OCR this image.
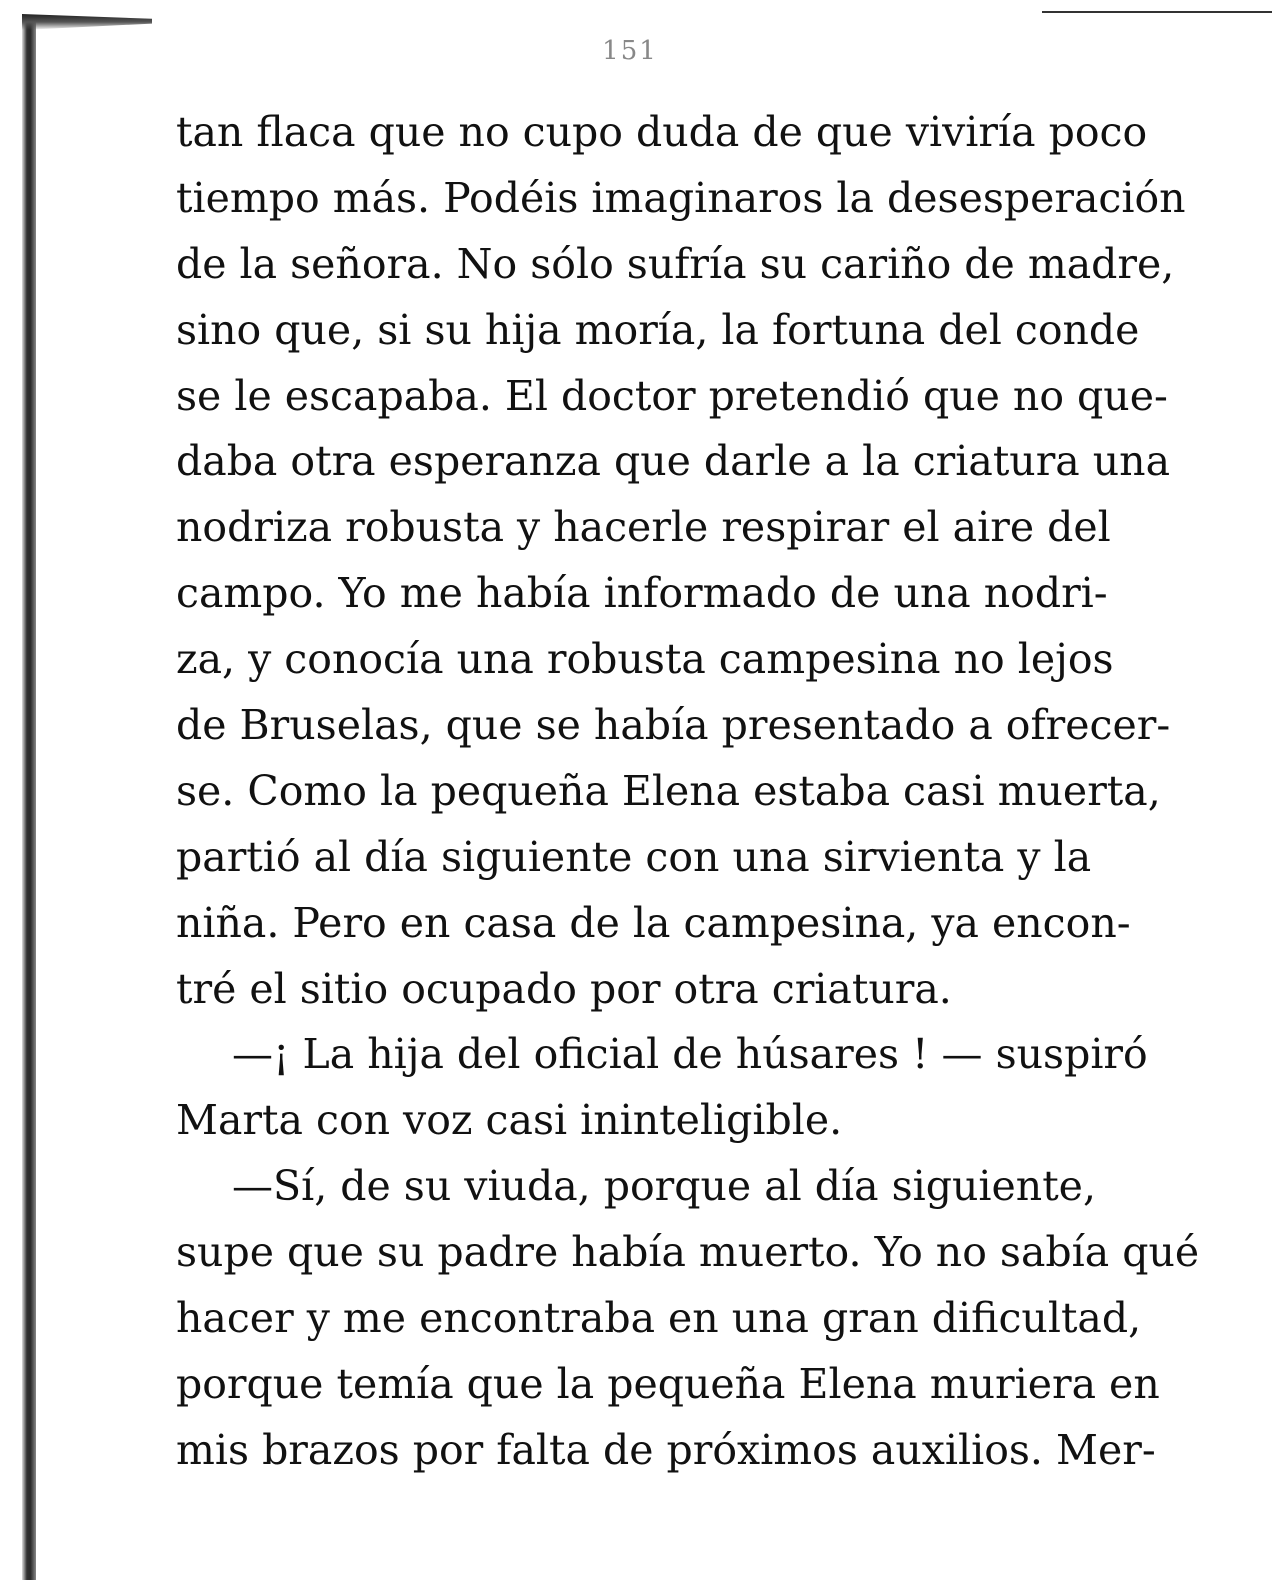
151
tan flaca que no cupo duda de que viviría poco
tiempo más. Podéis imaginaros la desesperación
de la señora. No sólo sufría su cariño de madre,
sino que, si su hija moría, la fortuna del conde
se le escapaba. El doctor pretendió que no que-
daba otra esperanza que darle a la criatura una
nodriza robusta y hacerle respirar el aire del
campo. Yo me había informado de una nodri-
za, y conocía una robusta campesina no lejos
de Bruselas, que se había presentado a ofrecer-
se. Como la pequeña Elena estaba casi muerta,
partió al día siguiente con una sirvienta y la
niña. Pero en casa de la campesina, ya encon-
tré el sitio ocupado por otra criatura.
—¡ La hija del oficial de húsares ! — suspiró
Marta con voz casi ininteligible.
—Sí, de su viuda, porque al día siguiente,
supe que su padre había muerto. Yo no sabía qué
hacer y me encontraba en una gran dificultad,
porque temía que la pequeña Elena muriera en
mis brazos por falta de próximos auxilios. Mer-
